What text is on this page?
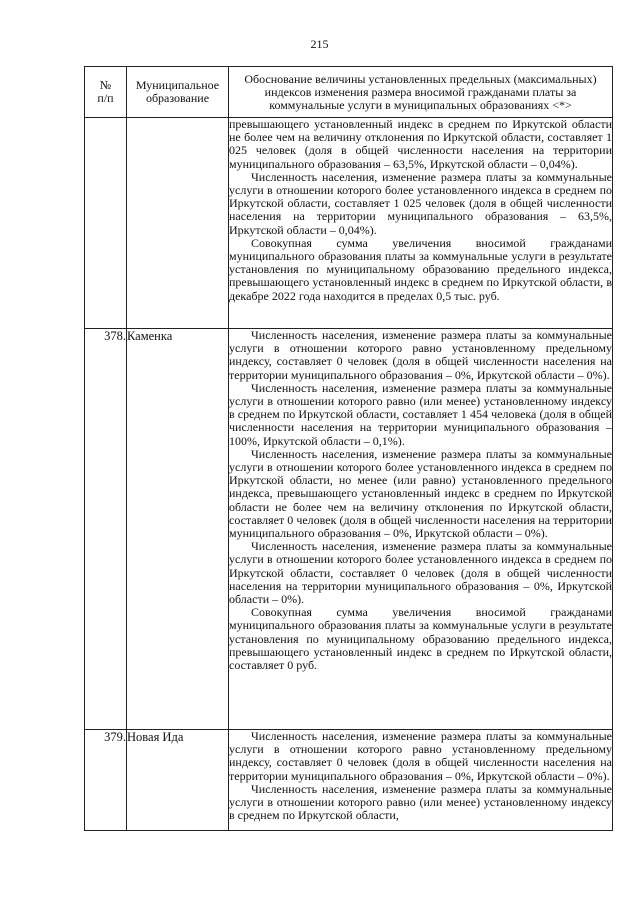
215
№
п/п	Муниципальное образование	Обоснование величины установленных предельных (максимальных) индексов изменения размера вносимой гражданами платы за коммунальные услуги в муниципальных образованиях <*>

		превышающего установленный индекс в среднем по Иркутской области не более чем на величину отклонения по Иркутской области, составляет 1 025 человек (доля в общей численности населения на территории муниципального образования – 63,5%, Иркутской области – 0,04%).

Численность населения, изменение размера платы за коммунальные услуги в отношении которого более установленного индекса в среднем по Иркутской области, составляет 1 025 человек (доля в общей численности населения на территории муниципального образования – 63,5%, Иркутской области – 0,04%).

Совокупная сумма увеличения вносимой гражданами муниципального образования платы за коммунальные услуги в результате установления по муниципальному образованию предельного индекса, превышающего установленный индекс в среднем по Иркутской области, в декабре 2022 года находится в пределах 0,5 тыс. руб.

378.	Каменка	Численность населения, изменение размера платы за коммунальные услуги в отношении которого равно установленному предельному индексу, составляет 0 человек (доля в общей численности населения на территории муниципального образования – 0%, Иркутской области – 0%).

Численность населения, изменение размера платы за коммунальные услуги в отношении которого равно (или менее) установленному индексу в среднем по Иркутской области, составляет 1 454 человека (доля в общей численности населения на территории муниципального образования – 100%, Иркутской области – 0,1%).

Численность населения, изменение размера платы за коммунальные услуги в отношении которого более установленного индекса в среднем по Иркутской области, но менее (или равно) установленного предельного индекса, превышающего установленный индекс в среднем по Иркутской области не более чем на величину отклонения по Иркутской области, составляет 0 человек (доля в общей численности населения на территории муниципального образования – 0%, Иркутской области – 0%).

Численность населения, изменение размера платы за коммунальные услуги в отношении которого более установленного индекса в среднем по Иркутской области, составляет 0 человек (доля в общей численности населения на территории муниципального образования – 0%, Иркутской области – 0%).

Совокупная сумма увеличения вносимой гражданами муниципального образования платы за коммунальные услуги в результате установления по муниципальному образованию предельного индекса, превышающего установленный индекс в среднем по Иркутской области, составляет 0 руб.

379.	Новая Ида	Численность населения, изменение размера платы за коммунальные услуги в отношении которого равно установленному предельному индексу, составляет 0 человек (доля в общей численности населения на территории муниципального образования – 0%, Иркутской области – 0%).

Численность населения, изменение размера платы за коммунальные услуги в отношении которого равно (или менее) установленному индексу в среднем по Иркутской области,
